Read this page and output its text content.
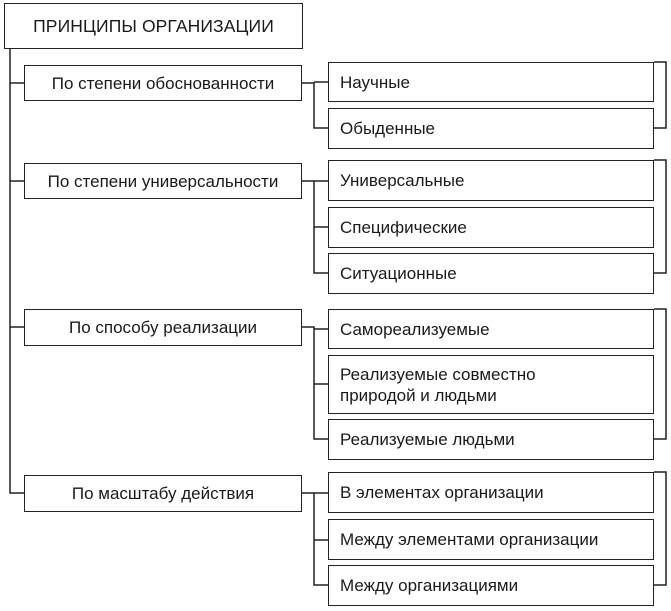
ПРИНЦИПЫ ОРГАНИЗАЦИИ
По степени обоснованности
По степени универсальности
По способу реализации
По масштабу действия
Научные
Обыденные
Универсальные
Специфические
Ситуационные
Самореализуемые
Реализуемые совместно природой и людьми
Реализуемые людьми
В элементах организации
Между элементами организации
Между организациями
